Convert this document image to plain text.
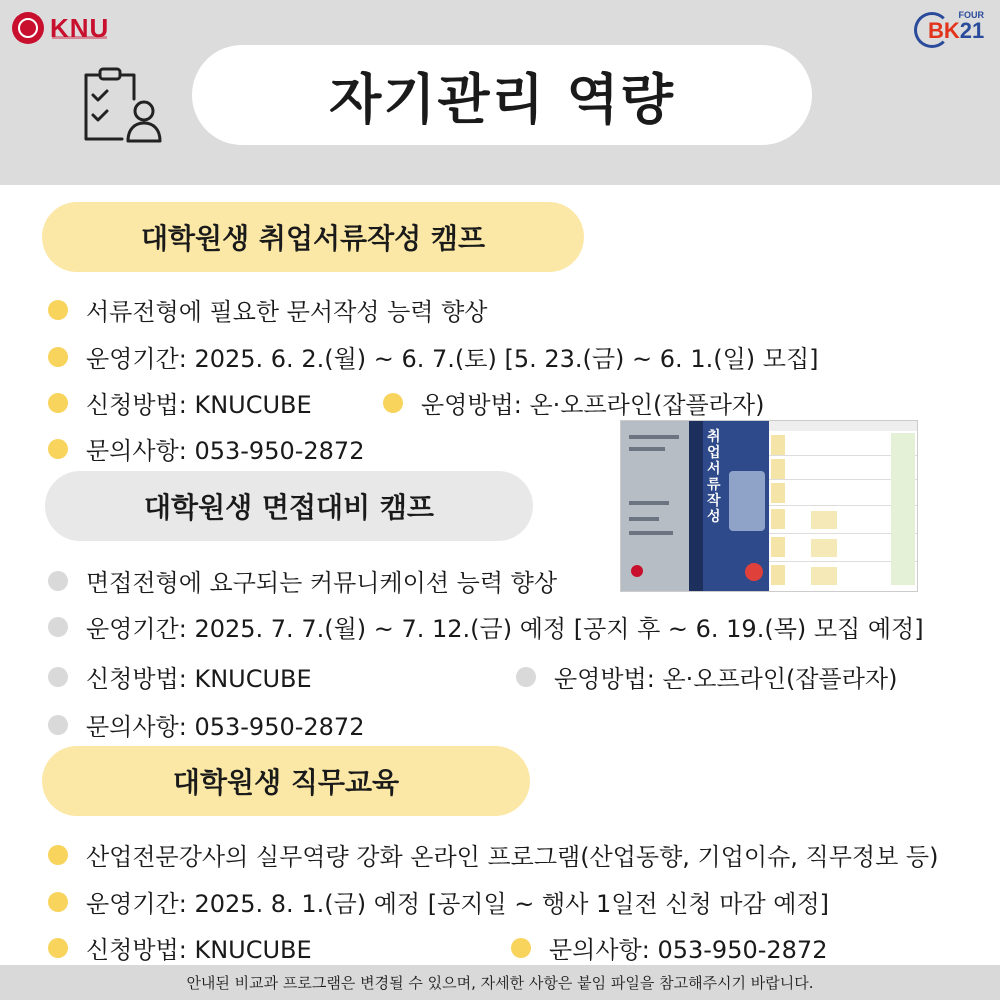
KNU	FOUR
BK21
자기관리 역량
대학원생 취업서류작성 캠프
서류전형에 필요한 문서작성 능력 향상
운영기간: 2025. 6. 2.(월) ~ 6. 7.(토) [5. 23.(금) ~ 6. 1.(일) 모집]
신청방법: KNUCUBE	운영방법: 온·오프라인(잡플라자)
문의사항: 053-950-2872	취업서류작성
대학원생 면접대비 캠프
면접전형에 요구되는 커뮤니케이션 능력 향상
운영기간: 2025. 7. 7.(월) ~ 7. 12.(금) 예정 [공지 후 ~ 6. 19.(목) 모집 예정]
신청방법: KNUCUBE	운영방법: 온·오프라인(잡플라자)
문의사항: 053-950-2872
대학원생 직무교육
산업전문강사의 실무역량 강화 온라인 프로그램(산업동향, 기업이슈, 직무정보 등)
운영기간: 2025. 8. 1.(금) 예정 [공지일 ~ 행사 1일전 신청 마감 예정]
신청방법: KNUCUBE	문의사항: 053-950-2872
안내된 비교과 프로그램은 변경될 수 있으며, 자세한 사항은 붙임 파일을 참고해주시기 바랍니다.
